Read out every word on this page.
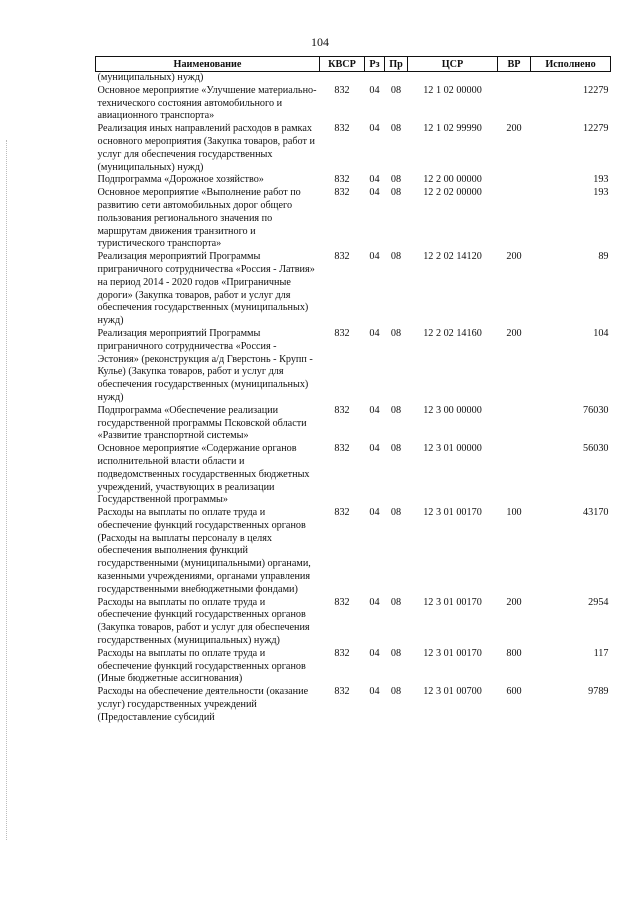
104
Наименование	КВСР	Рз	Пр	ЦСР	ВР	Исполнено
(муниципальных) нужд)						
Основное мероприятие «Улучшение материально-технического состояния автомобильного и авиационного транспорта»	832	04	08	12 1 02 00000		12279
Реализация иных направлений расходов в рамках основного мероприятия (Закупка товаров, работ и услуг для обеспечения государственных (муниципальных) нужд)	832	04	08	12 1 02 99990	200	12279
Подпрограмма «Дорожное хозяйство»	832	04	08	12 2 00 00000		193
Основное мероприятие «Выполнение работ по развитию сети автомобильных дорог общего пользования регионального значения по маршрутам движения транзитного и туристического транспорта»	832	04	08	12 2 02 00000		193
Реализация мероприятий Программы приграничного сотрудничества «Россия - Латвия» на период 2014 - 2020 годов «Приграничные дороги» (Закупка товаров, работ и услуг для обеспечения государственных (муниципальных) нужд)	832	04	08	12 2 02 14120	200	89
Реализация мероприятий Программы приграничного сотрудничества «Россия - Эстония» (реконструкция а/д Гверстонь - Крупп - Кулье) (Закупка товаров, работ и услуг для обеспечения государственных (муниципальных) нужд)	832	04	08	12 2 02 14160	200	104
Подпрограмма «Обеспечение реализации государственной программы Псковской области «Развитие транспортной системы»	832	04	08	12 3 00 00000		76030
Основное мероприятие «Содержание органов исполнительной власти области и подведомственных государственных бюджетных учреждений, участвующих в реализации Государственной программы»	832	04	08	12 3 01 00000		56030
Расходы на выплаты по оплате труда и обеспечение функций государственных органов (Расходы на выплаты персоналу в целях обеспечения выполнения функций государственными (муниципальными) органами, казенными учреждениями, органами управления государственными внебюджетными фондами)	832	04	08	12 3 01 00170	100	43170
Расходы на выплаты по оплате труда и обеспечение функций государственных органов (Закупка товаров, работ и услуг для обеспечения государственных (муниципальных) нужд)	832	04	08	12 3 01 00170	200	2954
Расходы на выплаты по оплате труда и обеспечение функций государственных органов (Иные бюджетные ассигнования)	832	04	08	12 3 01 00170	800	117
Расходы на обеспечение деятельности (оказание услуг) государственных учреждений (Предоставление субсидий	832	04	08	12 3 01 00700	600	9789
